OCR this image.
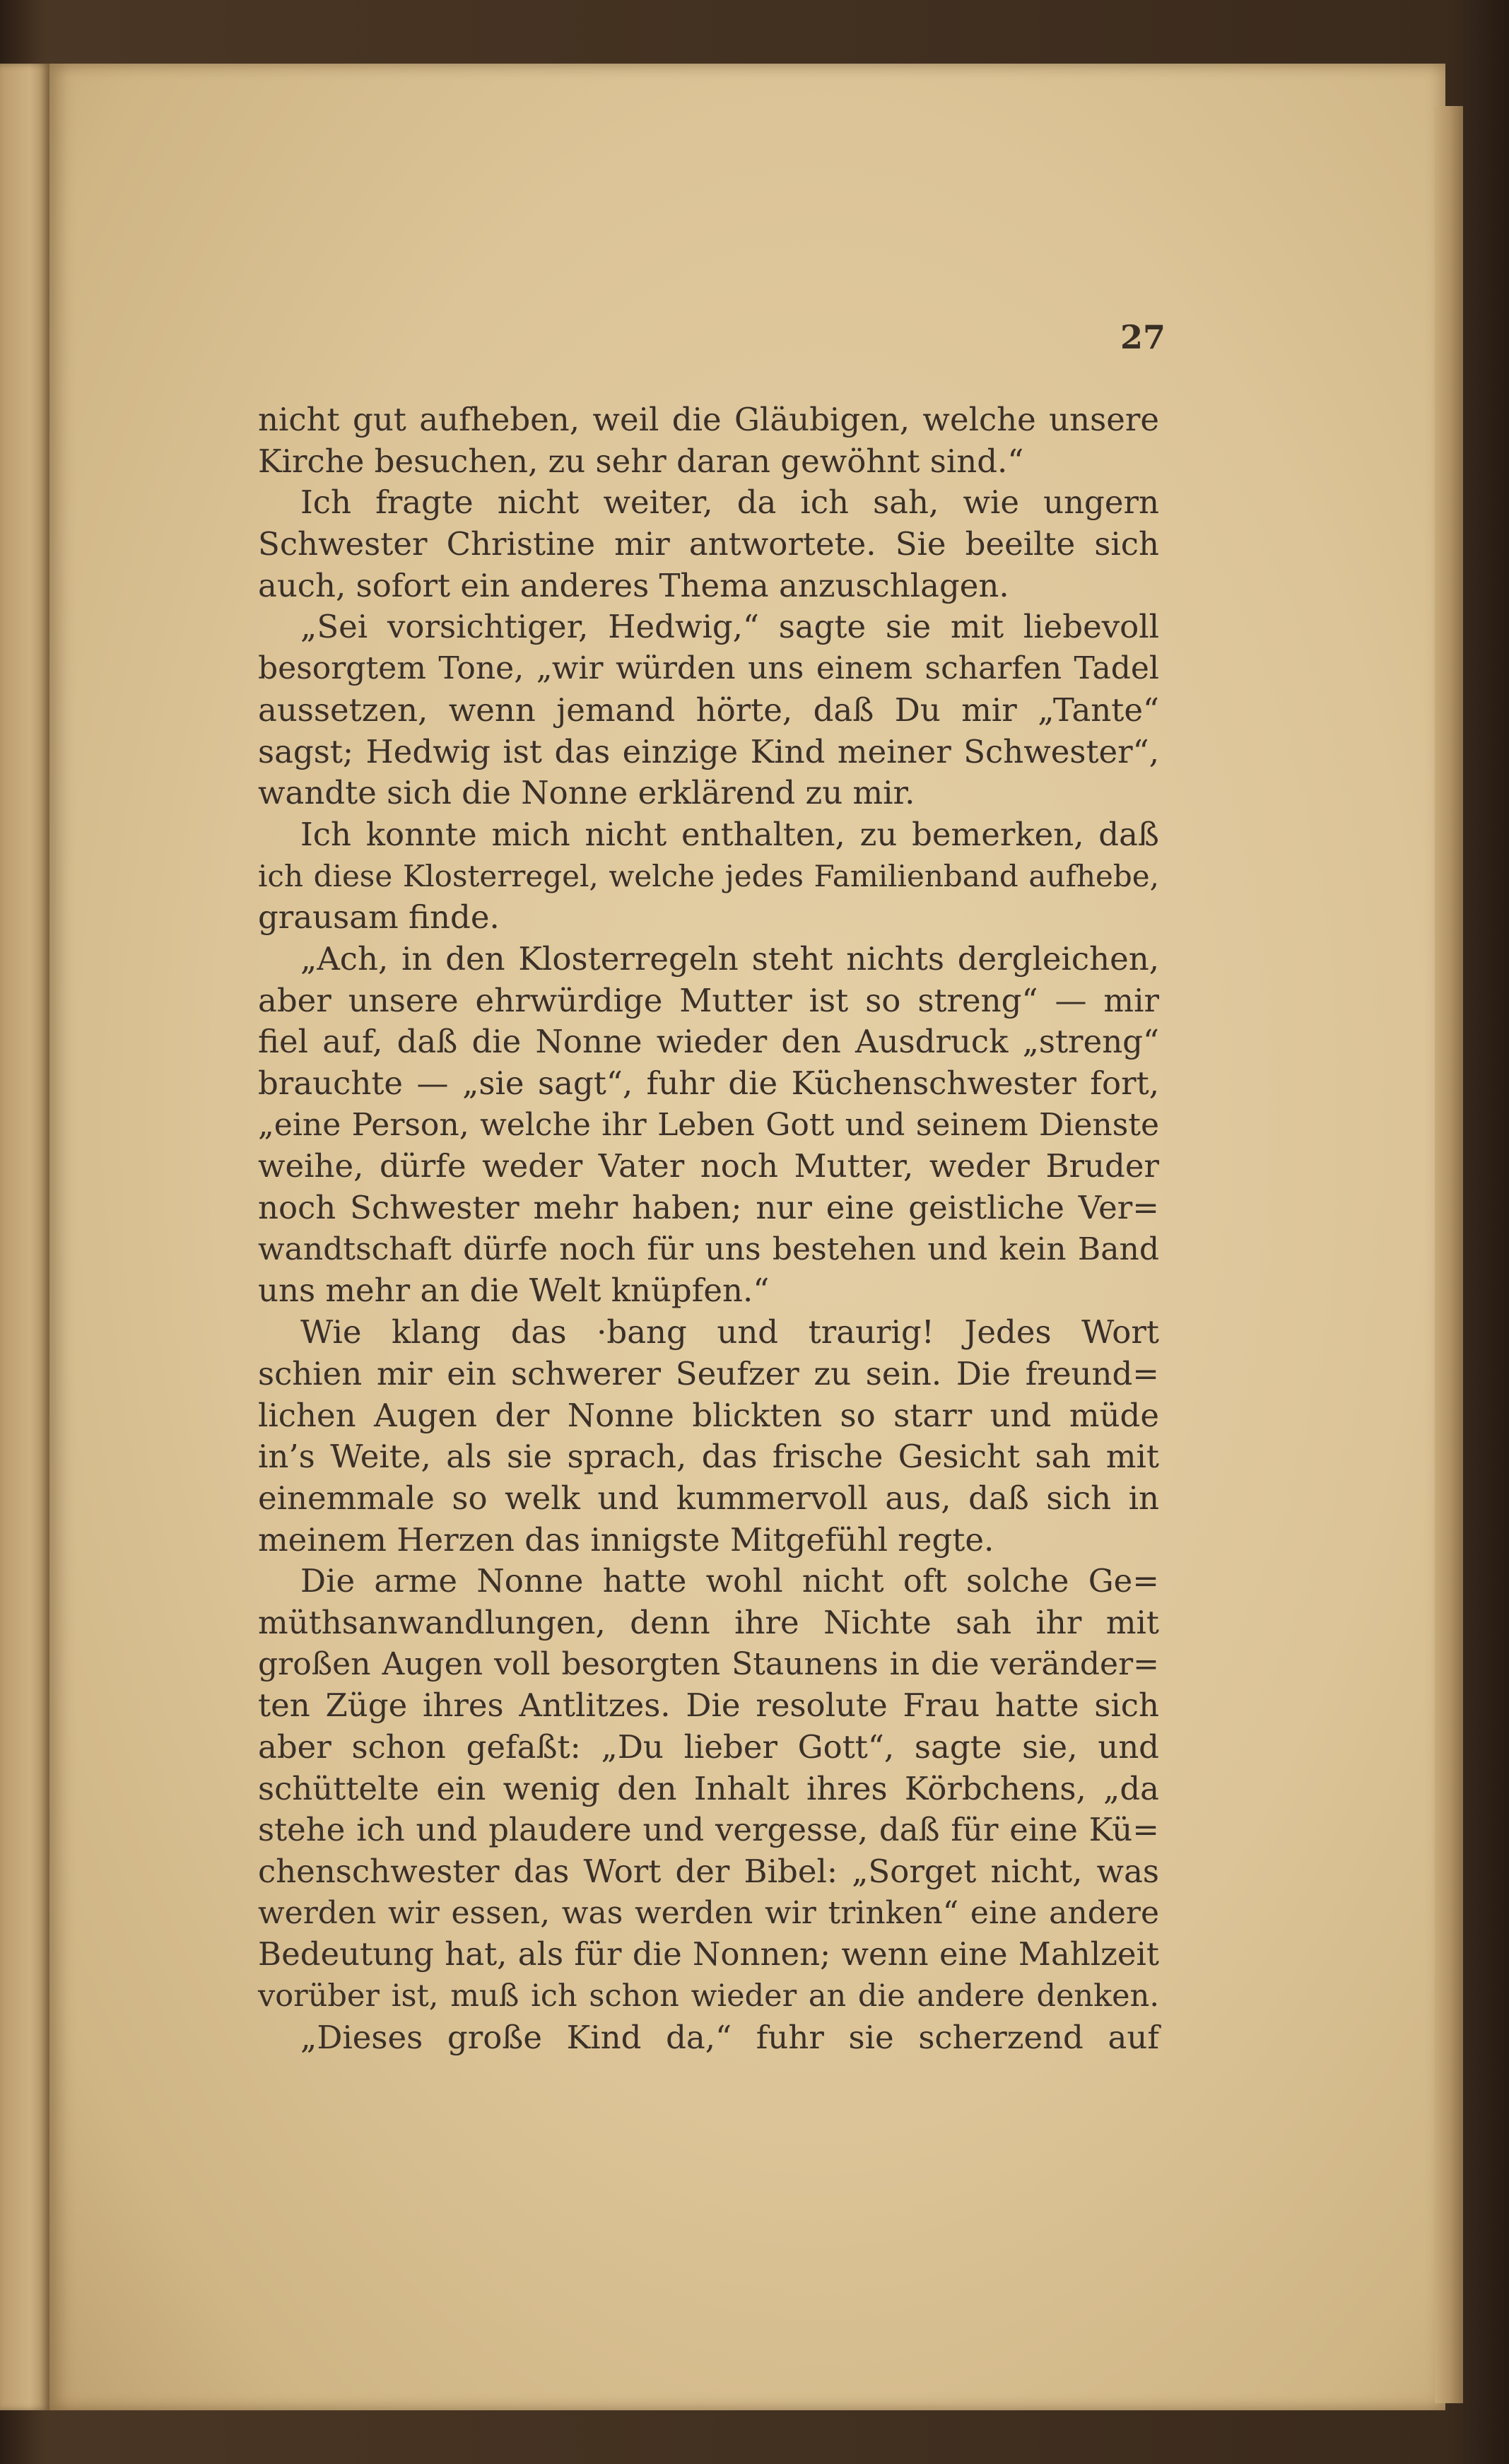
27
nicht gut aufheben, weil die Gläubigen, welche unsere
Kirche besuchen, zu sehr daran gewöhnt sind.“
Ich fragte nicht weiter, da ich sah, wie ungern
Schwester Christine mir antwortete. Sie beeilte sich
auch, sofort ein anderes Thema anzuschlagen.
„Sei vorsichtiger, Hedwig,“ sagte sie mit liebevoll
besorgtem Tone, „wir würden uns einem scharfen Tadel
aussetzen, wenn jemand hörte, daß Du mir „Tante“
sagst; Hedwig ist das einzige Kind meiner Schwester“,
wandte sich die Nonne erklärend zu mir.
Ich konnte mich nicht enthalten, zu bemerken, daß
ich diese Klosterregel, welche jedes Familienband aufhebe,
grausam finde.
„Ach, in den Klosterregeln steht nichts dergleichen,
aber unsere ehrwürdige Mutter ist so streng“ — mir
fiel auf, daß die Nonne wieder den Ausdruck „streng“
brauchte — „sie sagt“, fuhr die Küchenschwester fort,
„eine Person, welche ihr Leben Gott und seinem Dienste
weihe, dürfe weder Vater noch Mutter, weder Bruder
noch Schwester mehr haben; nur eine geistliche Ver=
wandtschaft dürfe noch für uns bestehen und kein Band
uns mehr an die Welt knüpfen.“
Wie klang das ·bang und traurig! Jedes Wort
schien mir ein schwerer Seufzer zu sein. Die freund=
lichen Augen der Nonne blickten so starr und müde
in’s Weite, als sie sprach, das frische Gesicht sah mit
einemmale so welk und kummervoll aus, daß sich in
meinem Herzen das innigste Mitgefühl regte.
Die arme Nonne hatte wohl nicht oft solche Ge=
müthsanwandlungen, denn ihre Nichte sah ihr mit
großen Augen voll besorgten Staunens in die veränder=
ten Züge ihres Antlitzes. Die resolute Frau hatte sich
aber schon gefaßt: „Du lieber Gott“, sagte sie, und
schüttelte ein wenig den Inhalt ihres Körbchens, „da
stehe ich und plaudere und vergesse, daß für eine Kü=
chenschwester das Wort der Bibel: „Sorget nicht, was
werden wir essen, was werden wir trinken“ eine andere
Bedeutung hat, als für die Nonnen; wenn eine Mahlzeit
vorüber ist, muß ich schon wieder an die andere denken.
„Dieses große Kind da,“ fuhr sie scherzend auf
